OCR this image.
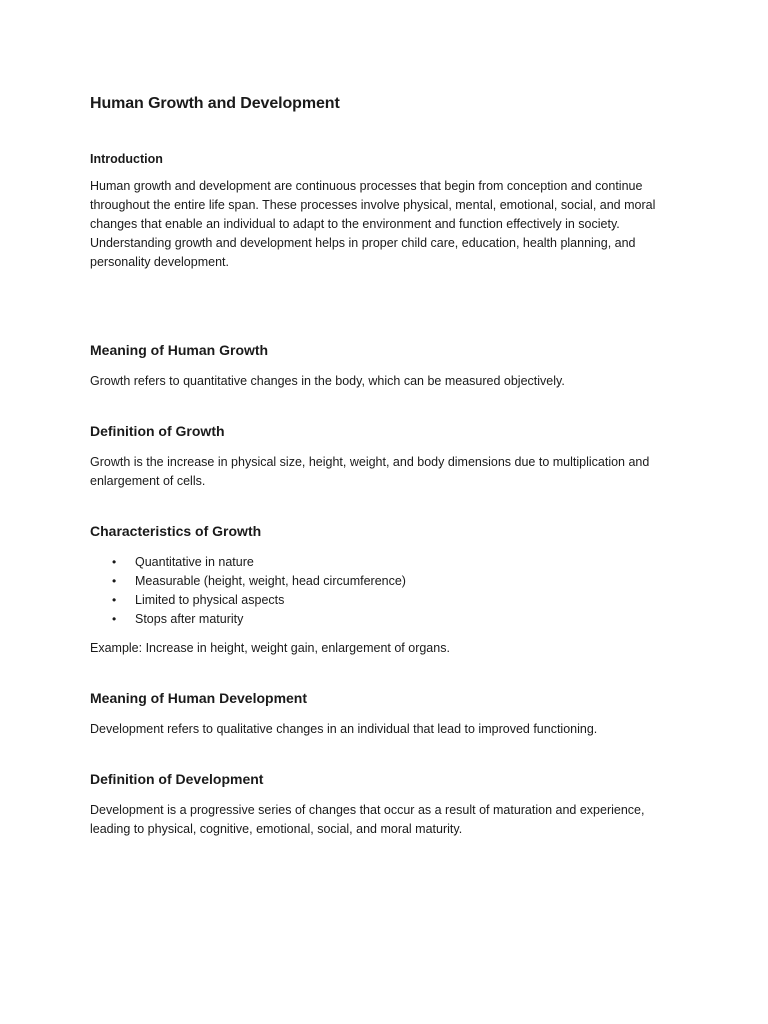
Human Growth and Development
Introduction

Human growth and development are continuous processes that begin from conception and continue throughout the entire life span. These processes involve physical, mental, emotional, social, and moral changes that enable an individual to adapt to the environment and function effectively in society. Understanding growth and development helps in proper child care, education, health planning, and personality development.

Meaning of Human Growth

Growth refers to quantitative changes in the body, which can be measured objectively.

Definition of Growth

Growth is the increase in physical size, height, weight, and body dimensions due to multiplication and enlargement of cells.

Characteristics of Growth
• Quantitative in nature
• Measurable (height, weight, head circumference)
• Limited to physical aspects
• Stops after maturity

Example: Increase in height, weight gain, enlargement of organs.

Meaning of Human Development

Development refers to qualitative changes in an individual that lead to improved functioning.

Definition of Development

Development is a progressive series of changes that occur as a result of maturation and experience, leading to physical, cognitive, emotional, social, and moral maturity.
